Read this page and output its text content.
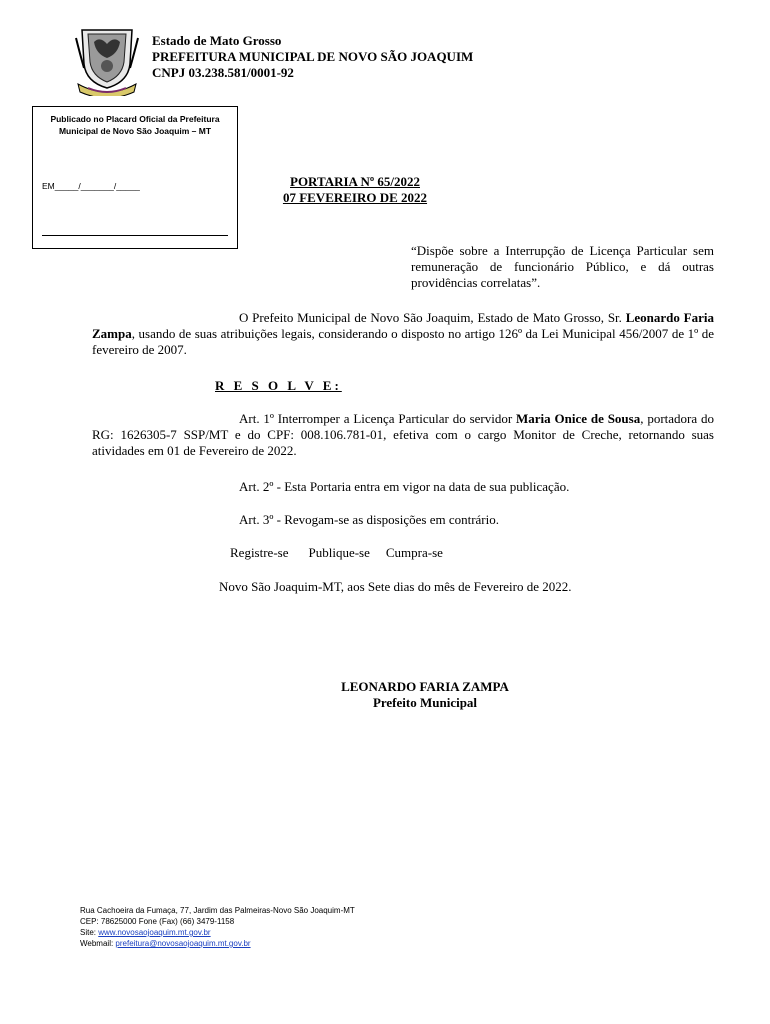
Estado de Mato Grosso
PREFEITURA MUNICIPAL DE NOVO SÃO JOAQUIM
CNPJ 03.238.581/0001-92
Publicado no Placard Oficial da Prefeitura Municipal de Novo São Joaquim – MT
EM_____/_______/_____	PORTARIA Nº 65/2022
07 FEVEREIRO DE 2022
“Dispõe sobre a Interrupção de Licença Particular sem remuneração de funcionário Público, e dá outras providências correlatas”.
O Prefeito Municipal de Novo São Joaquim, Estado de Mato Grosso, Sr. Leonardo Faria Zampa, usando de suas atribuições legais, considerando o disposto no artigo 126º da Lei Municipal 456/2007 de 1º de fevereiro de 2007.
R E S O L V E:
Art. 1º Interromper a Licença Particular do servidor Maria Onice de Sousa, portadora do RG: 1626305-7 SSP/MT e do CPF: 008.106.781-01, efetiva com o cargo Monitor de Creche, retornando suas atividades em 01 de Fevereiro de 2022.
Art. 2º - Esta Portaria entra em vigor na data de sua publicação.
Art. 3º - Revogam-se as disposições em contrário.
Registre-se Publique-se Cumpra-se
Novo São Joaquim-MT, aos Sete dias do mês de Fevereiro de 2022.
LEONARDO FARIA ZAMPA
Prefeito Municipal
Rua Cachoeira da Fumaça, 77, Jardim das Palmeiras-Novo São Joaquim-MT
CEP: 78625000 Fone (Fax) (66) 3479-1158
Site: www.novosaojoaquim.mt.gov.br
Webmail: prefeitura@novosaojoaquim.mt.gov.br
